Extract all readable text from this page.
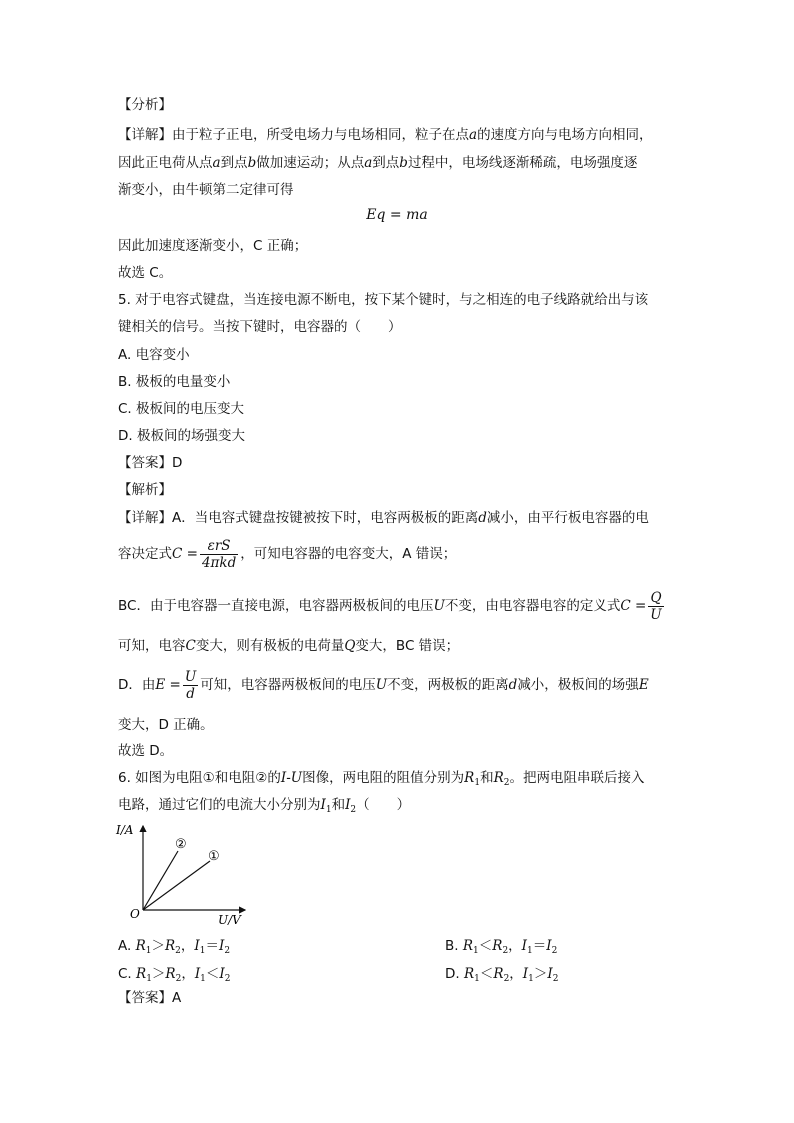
【分析】
【详解】由于粒子正电，所受电场力与电场相同，粒子在点a的速度方向与电场方向相同，
因此正电荷从点a到点b做加速运动；从点a到点b过程中，电场线逐渐稀疏，电场强度逐
渐变小，由牛顿第二定律可得
Eq = ma
因此加速度逐渐变小，C 正确；
故选 C。
5. 对于电容式键盘，当连接电源不断电，按下某个键时，与之相连的电子线路就给出与该
键相关的信号。当按下键时，电容器的（　　）
A. 电容变小
B. 极板的电量变小
C. 极板间的电压变大
D. 极板间的场强变大
【答案】D
【解析】
【详解】A．当电容式键盘按键被按下时，电容两极板的距离d减小，由平行板电容器的电
容决定式$C = \frac{\text{εrS}}{\text{4πkd}}$ ，可知电容器的电容变大，A 错误；
BC．由于电容器一直接电源，电容器两极板间的电压U不变，由电容器电容的定义式$C = \frac{Q}{U}$
可知，电容C变大，则有极板的电荷量Q变大，BC 错误；
D．由$E = \frac{U}{d}$ 可知，电容器两极板间的电压U不变，两极板的距离d减小，极板间的场强E
变大，D 正确。
故选 D。
6. 如图为电阻①和电阻②的I-U图像，两电阻的阻值分别为$R_1$和$R_2$。把两电阻串联后接入
电路，通过它们的电流大小分别为$I_1$和$I_2$（　　）
I/A
U/V
O
②
①
A. $R_1>R_2$，$I_1=I_2$	B. $R_1<R_2$，$I_1=I_2$
C. $R_1>R_2$，$I_1<I_2$	D. $R_1<R_2$，$I_1>I_2$
【答案】A
